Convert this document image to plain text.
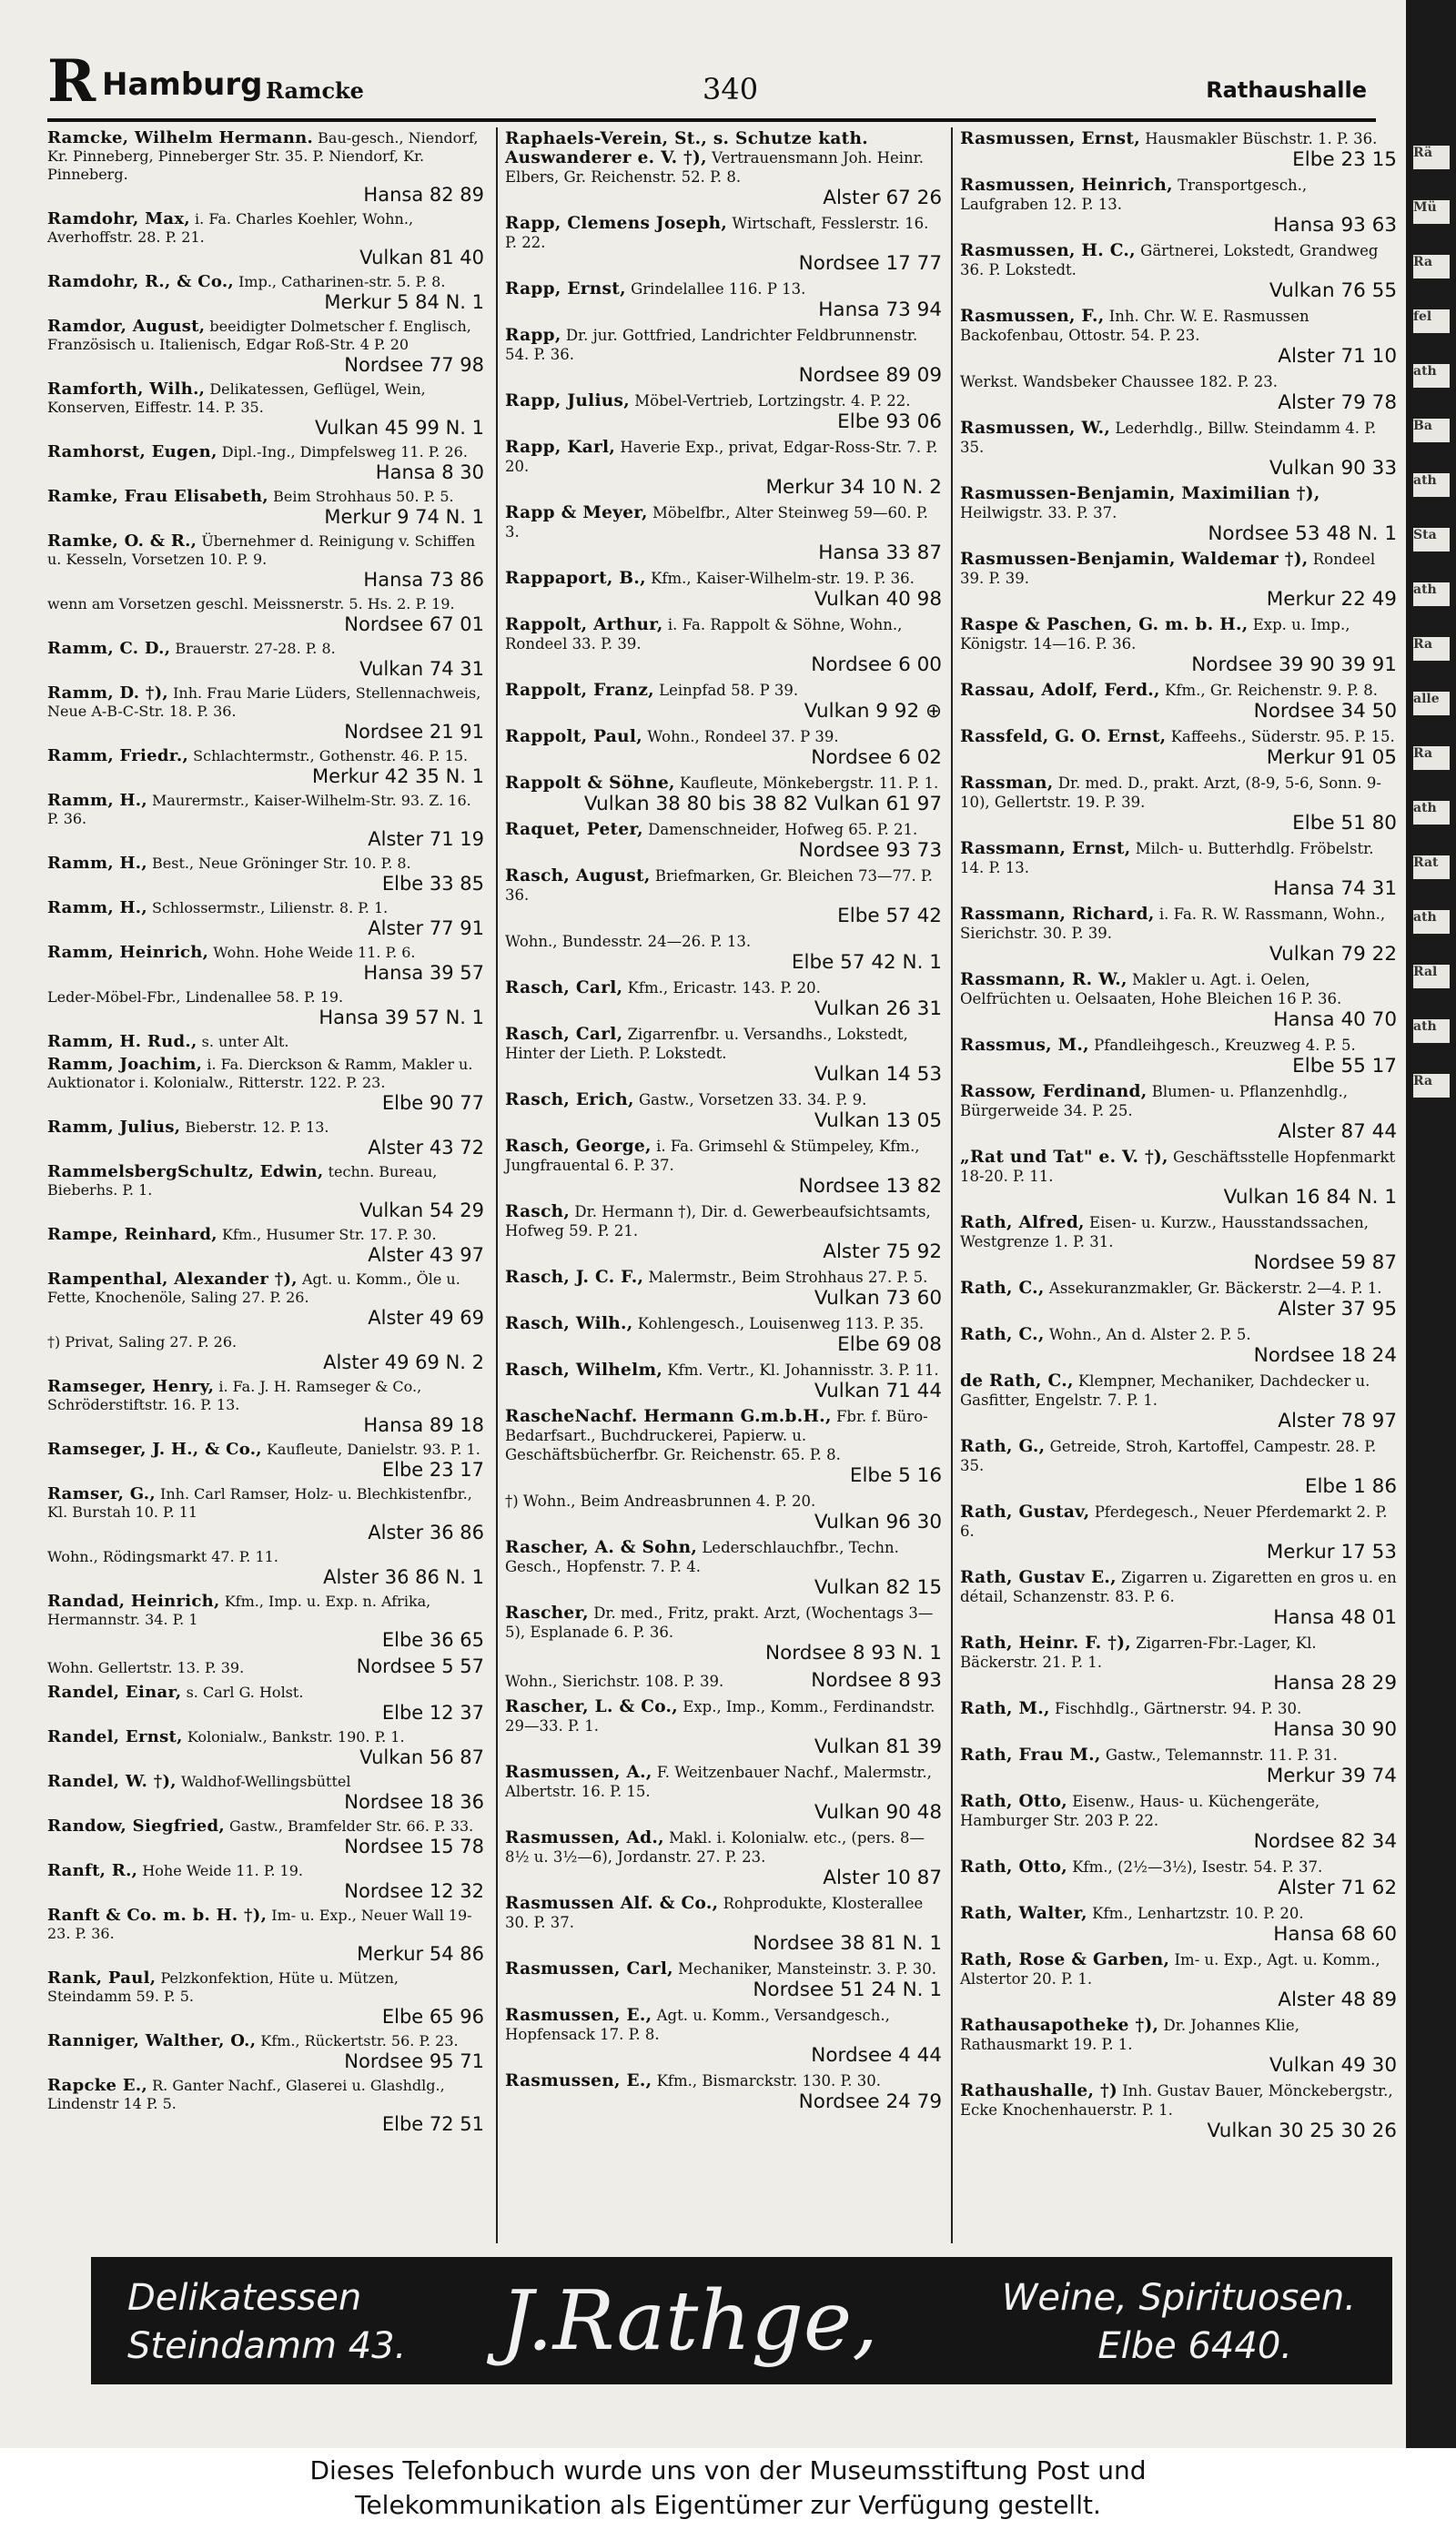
R Hamburg Ramcke	340	Rathaushalle
Ramcke, Wilhelm Hermann. Bau-gesch., Niendorf, Kr. Pinneberg, Pinneberger Str. 35. P. Niendorf, Kr. Pinneberg.
Hansa 82 89
Ramdohr, Max, i. Fa. Charles Koehler, Wohn., Averhoffstr. 28. P. 21.
Vulkan 81 40
Ramdohr, R., & Co., Imp., Catharinen-str. 5. P. 8.
Merkur 5 84 N. 1
Ramdor, August, beeidigter Dolmetscher f. Englisch, Französisch u. Italienisch, Edgar Roß-Str. 4 P. 20
Nordsee 77 98
Ramforth, Wilh., Delikatessen, Geflügel, Wein, Konserven, Eiffestr. 14. P. 35.
Vulkan 45 99 N. 1
Ramhorst, Eugen, Dipl.-Ing., Dimpfelsweg 11. P. 26.
Hansa 8 30
Ramke, Frau Elisabeth, Beim Strohhaus 50. P. 5.
Merkur 9 74 N. 1
Ramke, O. & R., Übernehmer d. Reinigung v. Schiffen u. Kesseln, Vorsetzen 10. P. 9.
Hansa 73 86
wenn am Vorsetzen geschl. Meissnerstr. 5. Hs. 2. P. 19.
Nordsee 67 01
Ramm, C. D., Brauerstr. 27-28. P. 8.
Vulkan 74 31
Ramm, D. †), Inh. Frau Marie Lüders, Stellennachweis, Neue A-B-C-Str. 18. P. 36.
Nordsee 21 91
Ramm, Friedr., Schlachtermstr., Gothenstr. 46. P. 15.
Merkur 42 35 N. 1
Ramm, H., Maurermstr., Kaiser-Wilhelm-Str. 93. Z. 16. P. 36.
Alster 71 19
Ramm, H., Best., Neue Gröninger Str. 10. P. 8.
Elbe 33 85
Ramm, H., Schlossermstr., Lilienstr. 8. P. 1.
Alster 77 91
Ramm, Heinrich, Wohn. Hohe Weide 11. P. 6.
Hansa 39 57
Leder-Möbel-Fbr., Lindenallee 58. P. 19.
Hansa 39 57 N. 1
Ramm, H. Rud., s. unter Alt.
Ramm, Joachim, i. Fa. Dierckson & Ramm, Makler u. Auktionator i. Kolonialw., Ritterstr. 122. P. 23.
Elbe 90 77
Ramm, Julius, Bieberstr. 12. P. 13.
Alster 43 72
RammelsbergSchultz, Edwin, techn. Bureau, Bieberhs. P. 1.
Vulkan 54 29
Rampe, Reinhard, Kfm., Husumer Str. 17. P. 30.
Alster 43 97
Rampenthal, Alexander †), Agt. u. Komm., Öle u. Fette, Knochenöle, Saling 27. P. 26.
Alster 49 69
†) Privat, Saling 27. P. 26.
Alster 49 69 N. 2
Ramseger, Henry, i. Fa. J. H. Ramseger & Co., Schröderstiftstr. 16. P. 13.
Hansa 89 18
Ramseger, J. H., & Co., Kaufleute, Danielstr. 93. P. 1.
Elbe 23 17
Ramser, G., Inh. Carl Ramser, Holz- u. Blechkistenfbr., Kl. Burstah 10. P. 11
Alster 36 86
Wohn., Rödingsmarkt 47. P. 11.
Alster 36 86 N. 1
Randad, Heinrich, Kfm., Imp. u. Exp. n. Afrika, Hermannstr. 34. P. 1
Elbe 36 65
Wohn. Gellertstr. 13. P. 39.	Nordsee 5 57
Randel, Einar, s. Carl G. Holst.
Elbe 12 37
Randel, Ernst, Kolonialw., Bankstr. 190. P. 1.
Vulkan 56 87
Randel, W. †), Waldhof-Wellingsbüttel
Nordsee 18 36
Randow, Siegfried, Gastw., Bramfelder Str. 66. P. 33.
Nordsee 15 78
Ranft, R., Hohe Weide 11. P. 19.
Nordsee 12 32
Ranft & Co. m. b. H. †), Im- u. Exp., Neuer Wall 19-23. P. 36.
Merkur 54 86
Rank, Paul, Pelzkonfektion, Hüte u. Mützen, Steindamm 59. P. 5.
Elbe 65 96
Ranniger, Walther, O., Kfm., Rückertstr. 56. P. 23.
Nordsee 95 71
Rapcke E., R. Ganter Nachf., Glaserei u. Glashdlg., Lindenstr 14 P. 5.
Elbe 72 51
Raphaels-Verein, St., s. Schutze kath. Auswanderer e. V. †), Vertrauensmann Joh. Heinr. Elbers, Gr. Reichenstr. 52. P. 8.
Alster 67 26
Rapp, Clemens Joseph, Wirtschaft, Fesslerstr. 16. P. 22.
Nordsee 17 77
Rapp, Ernst, Grindelallee 116. P 13.
Hansa 73 94
Rapp, Dr. jur. Gottfried, Landrichter Feldbrunnenstr. 54. P. 36.
Nordsee 89 09
Rapp, Julius, Möbel-Vertrieb, Lortzingstr. 4. P. 22.
Elbe 93 06
Rapp, Karl, Haverie Exp., privat, Edgar-Ross-Str. 7. P. 20.
Merkur 34 10 N. 2
Rapp & Meyer, Möbelfbr., Alter Steinweg 59—60. P. 3.
Hansa 33 87
Rappaport, B., Kfm., Kaiser-Wilhelm-str. 19. P. 36.
Vulkan 40 98
Rappolt, Arthur, i. Fa. Rappolt & Söhne, Wohn., Rondeel 33. P. 39.
Nordsee 6 00
Rappolt, Franz, Leinpfad 58. P 39.
Vulkan 9 92 ⊕
Rappolt, Paul, Wohn., Rondeel 37. P 39.
Nordsee 6 02
Rappolt & Söhne, Kaufleute, Mönkebergstr. 11. P. 1.
Vulkan 38 80 bis 38 82 Vulkan 61 97
Raquet, Peter, Damenschneider, Hofweg 65. P. 21.
Nordsee 93 73
Rasch, August, Briefmarken, Gr. Bleichen 73—77. P. 36.
Elbe 57 42
Wohn., Bundesstr. 24—26. P. 13.
Elbe 57 42 N. 1
Rasch, Carl, Kfm., Ericastr. 143. P. 20.
Vulkan 26 31
Rasch, Carl, Zigarrenfbr. u. Versandhs., Lokstedt, Hinter der Lieth. P. Lokstedt.
Vulkan 14 53
Rasch, Erich, Gastw., Vorsetzen 33. 34. P. 9.
Vulkan 13 05
Rasch, George, i. Fa. Grimsehl & Stümpeley, Kfm., Jungfrauental 6. P. 37.
Nordsee 13 82
Rasch, Dr. Hermann †), Dir. d. Gewerbeaufsichtsamts, Hofweg 59. P. 21.
Alster 75 92
Rasch, J. C. F., Malermstr., Beim Strohhaus 27. P. 5.
Vulkan 73 60
Rasch, Wilh., Kohlengesch., Louisenweg 113. P. 35.
Elbe 69 08
Rasch, Wilhelm, Kfm. Vertr., Kl. Johannisstr. 3. P. 11.
Vulkan 71 44
RascheNachf. Hermann G.m.b.H., Fbr. f. Büro-Bedarfsart., Buchdruckerei, Papierw. u. Geschäftsbücherfbr. Gr. Reichenstr. 65. P. 8.
Elbe 5 16
†) Wohn., Beim Andreasbrunnen 4. P. 20.
Vulkan 96 30
Rascher, A. & Sohn, Lederschlauchfbr., Techn. Gesch., Hopfenstr. 7. P. 4.
Vulkan 82 15
Rascher, Dr. med., Fritz, prakt. Arzt, (Wochentags 3—5), Esplanade 6. P. 36.
Nordsee 8 93 N. 1
Wohn., Sierichstr. 108. P. 39.	Nordsee 8 93
Rascher, L. & Co., Exp., Imp., Komm., Ferdinandstr. 29—33. P. 1.
Vulkan 81 39
Rasmussen, A., F. Weitzenbauer Nachf., Malermstr., Albertstr. 16. P. 15.
Vulkan 90 48
Rasmussen, Ad., Makl. i. Kolonialw. etc., (pers. 8—8½ u. 3½—6), Jordanstr. 27. P. 23.
Alster 10 87
Rasmussen Alf. & Co., Rohprodukte, Klosterallee 30. P. 37.
Nordsee 38 81 N. 1
Rasmussen, Carl, Mechaniker, Mansteinstr. 3. P. 30.
Nordsee 51 24 N. 1
Rasmussen, E., Agt. u. Komm., Versandgesch., Hopfensack 17. P. 8.
Nordsee 4 44
Rasmussen, E., Kfm., Bismarckstr. 130. P. 30.
Nordsee 24 79
Rasmussen, Ernst, Hausmakler Büschstr. 1. P. 36.
Elbe 23 15
Rasmussen, Heinrich, Transportgesch., Laufgraben 12. P. 13.
Hansa 93 63
Rasmussen, H. C., Gärtnerei, Lokstedt, Grandweg 36. P. Lokstedt.
Vulkan 76 55
Rasmussen, F., Inh. Chr. W. E. Rasmussen Backofenbau, Ottostr. 54. P. 23.
Alster 71 10
Werkst. Wandsbeker Chaussee 182. P. 23.
Alster 79 78
Rasmussen, W., Lederhdlg., Billw. Steindamm 4. P. 35.
Vulkan 90 33
Rasmussen-Benjamin, Maximilian †), Heilwigstr. 33. P. 37.
Nordsee 53 48 N. 1
Rasmussen-Benjamin, Waldemar †), Rondeel 39. P. 39.
Merkur 22 49
Raspe & Paschen, G. m. b. H., Exp. u. Imp., Königstr. 14—16. P. 36.
Nordsee 39 90 39 91
Rassau, Adolf, Ferd., Kfm., Gr. Reichenstr. 9. P. 8.
Nordsee 34 50
Rassfeld, G. O. Ernst, Kaffeehs., Süderstr. 95. P. 15.
Merkur 91 05
Rassman, Dr. med. D., prakt. Arzt, (8-9, 5-6, Sonn. 9-10), Gellertstr. 19. P. 39.
Elbe 51 80
Rassmann, Ernst, Milch- u. Butterhdlg. Fröbelstr. 14. P. 13.
Hansa 74 31
Rassmann, Richard, i. Fa. R. W. Rassmann, Wohn., Sierichstr. 30. P. 39.
Vulkan 79 22
Rassmann, R. W., Makler u. Agt. i. Oelen, Oelfrüchten u. Oelsaaten, Hohe Bleichen 16 P. 36.
Hansa 40 70
Rassmus, M., Pfandleihgesch., Kreuzweg 4. P. 5.
Elbe 55 17
Rassow, Ferdinand, Blumen- u. Pflanzenhdlg., Bürgerweide 34. P. 25.
Alster 87 44
„Rat und Tat" e. V. †), Geschäftsstelle Hopfenmarkt 18-20. P. 11.
Vulkan 16 84 N. 1
Rath, Alfred, Eisen- u. Kurzw., Hausstandssachen, Westgrenze 1. P. 31.
Nordsee 59 87
Rath, C., Assekuranzmakler, Gr. Bäckerstr. 2—4. P. 1.
Alster 37 95
Rath, C., Wohn., An d. Alster 2. P. 5.
Nordsee 18 24
de Rath, C., Klempner, Mechaniker, Dachdecker u. Gasfitter, Engelstr. 7. P. 1.
Alster 78 97
Rath, G., Getreide, Stroh, Kartoffel, Campestr. 28. P. 35.
Elbe 1 86
Rath, Gustav, Pferdegesch., Neuer Pferdemarkt 2. P. 6.
Merkur 17 53
Rath, Gustav E., Zigarren u. Zigaretten en gros u. en détail, Schanzenstr. 83. P. 6.
Hansa 48 01
Rath, Heinr. F. †), Zigarren-Fbr.-Lager, Kl. Bäckerstr. 21. P. 1.
Hansa 28 29
Rath, M., Fischhdlg., Gärtnerstr. 94. P. 30.
Hansa 30 90
Rath, Frau M., Gastw., Telemannstr. 11. P. 31.
Merkur 39 74
Rath, Otto, Eisenw., Haus- u. Küchengeräte, Hamburger Str. 203 P. 22.
Nordsee 82 34
Rath, Otto, Kfm., (2½—3½), Isestr. 54. P. 37.
Alster 71 62
Rath, Walter, Kfm., Lenhartzstr. 10. P. 20.
Hansa 68 60
Rath, Rose & Garben, Im- u. Exp., Agt. u. Komm., Alstertor 20. P. 1.
Alster 48 89
Rathausapotheke †), Dr. Johannes Klie, Rathausmarkt 19. P. 1.
Vulkan 49 30
Rathaushalle, †) Inh. Gustav Bauer, Mönckebergstr., Ecke Knochenhauerstr. P. 1.
Vulkan 30 25 30 26
Delikatessen
Steindamm 43. J.Rathge,	Weine, Spirituosen.
Elbe 6440.
Rä
Mü
Ra
fel
ath
Ba
ath
Sta
ath
Ra
alle
Ra
ath
Rat
ath
Ral
ath
Ra
Dieses Telefonbuch wurde uns von der Museumsstiftung Post und
Telekommunikation als Eigentümer zur Verfügung gestellt.
